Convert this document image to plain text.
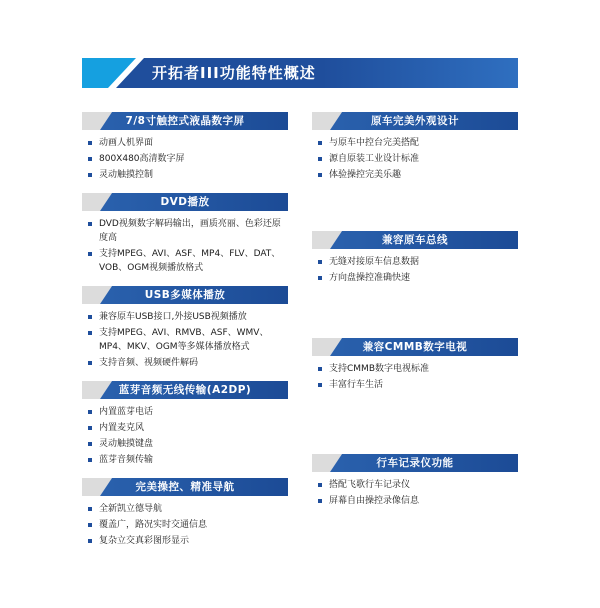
开拓者III功能特性概述
7/8寸触控式液晶数字屏
动画人机界面
800X480高清数字屏
灵动触摸控制
DVD播放
DVD视频数字解码输出，画质亮丽、色彩还原度高
支持MPEG、AVI、ASF、MP4、FLV、DAT、VOB、OGM视频播放格式
USB多媒体播放
兼容原车USB接口,外接USB视频播放
支持MPEG、AVI、RMVB、ASF、WMV、MP4、MKV、OGM等多媒体播放格式
支持音频、视频硬件解码
蓝芽音频无线传输(A2DP)
内置蓝芽电话
内置麦克风
灵动触摸键盘
蓝芽音频传输
完美操控、精准导航
全新凯立德导航
覆盖广，路况实时交通信息
复杂立交真彩图形显示
原车完美外观设计
与原车中控台完美搭配
源自原装工业设计标准
体验操控完美乐趣
兼容原车总线
无缝对接原车信息数据
方向盘操控准确快速
兼容CMMB数字电视
支持CMMB数字电视标准
丰富行车生活
行车记录仪功能
搭配飞歌行车记录仪
屏幕自由操控录像信息
